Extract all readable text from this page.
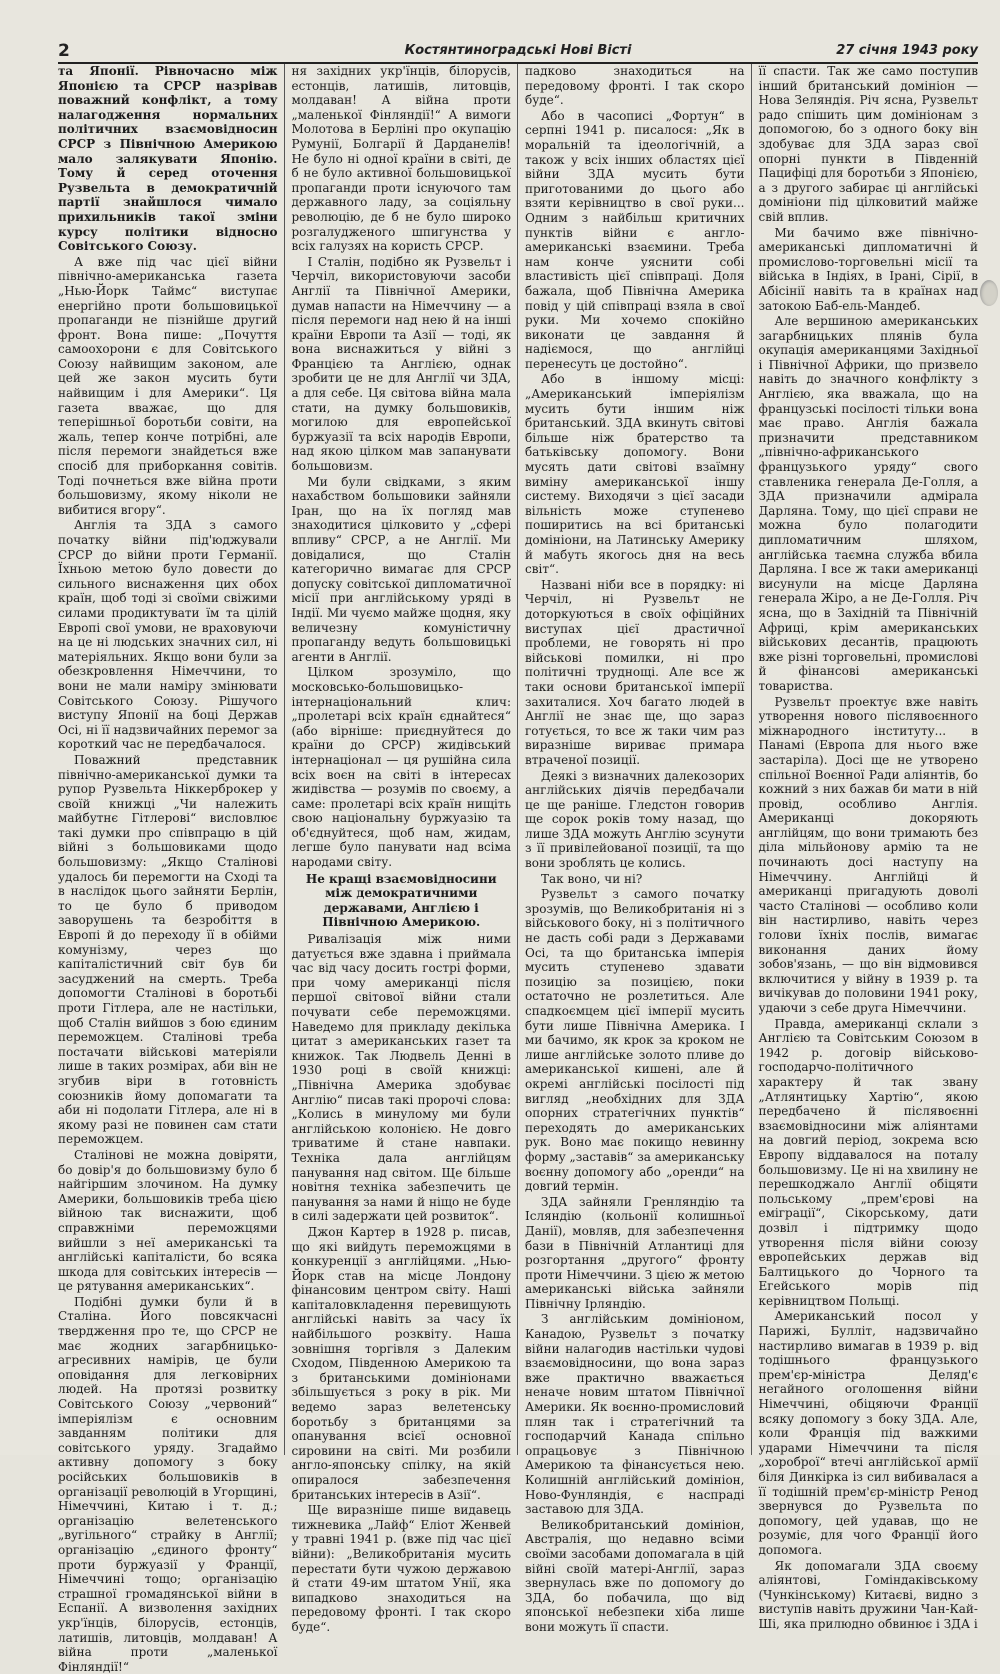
2	Костянтиноградські Нові Вісті	27 січня 1943 року

та Японії. Рівночасно між Японією та СРСР назрівав поважний конфлікт, а тому налагодження нормальних політичних взаємовідносин СРСР з Північною Америкою мало залякувати Японію. Тому й серед оточення Рузвельта в демократичній партії знайшлося чимало прихильників такої зміни курсу політики відносно Совітського Союзу.

А вже під час цієї війни північно-американська газета „Нью-Йорк Таймс“ виступає енергійно проти большовицької пропаганди не пізнійше другий фронт. Вона пише: „Почуття самоохорони є для Совітського Союзу найвищим законом, але цей же закон мусить бути найвищим і для Америки“. Ця газета вважає, що для теперішньої боротьби совіти, на жаль, тепер конче потрібні, але після перемоги знайдеться вже спосіб для приборкання совітів. Тоді почнеться вже війна проти большовизму, якому ніколи не вибитися вгору“.

Англія та ЗДА з самого початку війни під'юджували СРСР до війни проти Германії. Їхньою метою було довести до сильного виснаження цих обох країн, щоб тоді зі своїми свіжими силами продиктувати їм та цілій Европі свої умови, не враховуючи на це ні людських значних сил, ні матеріяльних. Якщо вони були за обезкровлення Німеччини, то вони не мали наміру змінювати Совітського Союзу. Рішучого виступу Японії на боці Держав Осі, ні її надзвичайних перемог за короткий час не передбачалося.

Поважний представник північно-американської думки та рупор Рузвельта Ніккерброкер у своїй книжці „Чи належить майбутнє Гітлерові“ висловлює такі думки про співпрацю в цій війні з большовиками щодо большовизму: „Якщо Сталінові удалось би перемогти на Сході та в наслідок цього зайняти Берлін, то це було б приводом заворушень та безробіття в Европі й до переходу її в обійми комунізму, через що капіталістичний світ був би засуджений на смерть. Треба допомогти Сталінові в боротьбі проти Гітлера, але не настільки, щоб Сталін вийшов з бою єдиним переможцем. Сталінові треба постачати військові матеріяли лише в таких розмірах, аби він не згубив віри в готовність союзників йому допомагати та аби ні подолати Гітлера, але ні в якому разі не повинен сам стати переможцем.

Сталінові не можна довіряти, бо довір'я до большовизму було б найгіршим злочином. На думку Америки, большовиків треба цією війною так виснажити, щоб справжніми переможцями вийшли з неї американські та англійські капіталісти, бо всяка шкода для совітських інтересів — це рятування американських“.

Подібні думки були й в Сталіна. Його повсякчасні твердження про те, що СРСР не має жодних загарбницько-агресивних намірів, це були оповідання для легковірних людей. На протязі розвитку Совітського Союзу „червоний“ імперіялізм є основним завданням політики для совітського уряду. Згадаймо активну допомогу з боку російських большовиків в організації революцій в Угорщині, Німеччині, Китаю і т. д.; організацію велетенського „вугільного“ страйку в Англії; організацію „єдиного фронту“ проти буржуазії у Франції, Німеччині тощо; організацію страшної громадянської війни в Еспанії. А визволення західних укр'їнців, білорусів, естонців, латишів, литовців, молдаван! А війна проти „маленької Фінляндії!“

ня західних укр'їнців, білорусів, естонців, латишів, литовців, молдаван! А війна проти „маленької Фінляндії!“ А вимоги Молотова в Берліні про окупацію Румунії, Болгарії й Дарданелів! Не було ні одної країни в світі, де б не було активної большовицької пропаганди проти існуючого там державного ладу, за соціяльну революцію, де б не було широко розгалудженого шпигунства у всіх галузях на користь СРСР.

І Сталін, подібно як Рузвельт і Черчіл, використовуючи засоби Англії та Північної Америки, думав напасти на Німеччину — а після перемоги над нею й на інші країни Европи та Азії — тоді, як вона виснажиться у війні з Францією та Англією, однак зробити це не для Англії чи ЗДА, а для себе. Ця світова війна мала стати, на думку большовиків, могилою для европейської буржуазії та всіх народів Европи, над якою цілком мав запанувати большовизм.

Ми були свідками, з яким нахабством большовики зайняли Іран, що на їх погляд мав знаходитися цілковито у „сфері впливу“ СРСР, а не Англії. Ми довідалися, що Сталін категорично вимагає для СРСР допуску совітської дипломатичної місії при англійському уряді в Індії. Ми чуємо майже щодня, яку величезну комуністичну пропаганду ведуть большовицькі агенти в Англії.

Цілком зрозуміло, що московсько-большовицько-інтернаціональний клич: „пролетарі всіх країн єднайтеся“ (або вірніше: приєднуйтеся до країни до СРСР) жидівський інтернаціонал — ця рушійна сила всіх воєн на світі в інтересах жидівства — розумів по своєму, а саме: пролетарі всіх країн нищіть свою національну буржуазію та об'єднуйтеся, щоб нам, жидам, легше було панувати над всіма народами світу.

Не кращі взаємовідносини між демократичними державами, Англією і Північною Америкою.

Ривалізація між ними датується вже здавна і приймала час від часу досить гострі форми, при чому американці після першої світової війни стали почувати себе переможцями. Наведемо для прикладу декілька цитат з американських газет та книжок. Так Людвель Деннi в 1930 році в своїй книжці: „Північна Америка здобуває Англію“ писав такі пророчі слова: „Колись в минулому ми були англійською колонією. Не довго триватиме й стане навпаки. Техніка дала англійцям панування над світом. Ще більше новітня техніка забезпечить це панування за нами й ніщо не буде в силі задержати цей розвиток“.

Джон Картер в 1928 р. писав, що які вийдуть переможцями в конкуренції з англійцями. „Нью-Йорк став на місце Лондону фінансовим центром світу. Наші капіталовкладення перевищують англійські навіть за часу їх найбільшого розквіту. Наша зовнішня торгівля з Далеким Сходом, Південною Америкою та з британськими домініонами збільшується з року в рік. Ми ведемо зараз велетенську боротьбу з британцями за опанування всієї основної сировини на світі. Ми розбили англо-японську спілку, на якій опиралося забезпечення британських інтересів в Азії“.

Ще виразніше пише видавець тижневика „Лайф“ Еліот Женвей у травні 1941 р. (вже під час цієї війни): „Великобританія мусить перестати бути чужою державою й стати 49-им штатом Унії, яка випадково знаходиться на передовому фронті. І так скоро буде“.

падково знаходиться на передовому фронті. І так скоро буде“.

Або в часописі „Фортун“ в серпні 1941 р. писалося: „Як в моральній та ідеологічній, а також у всіх інших областях цієї війни ЗДА мусить бути приготованими до цього або взяти керівництво в свої руки... Одним з найбільш критичних пунктів війни є англо-американські взаємини. Треба нам конче уяснити собі властивість цієї співпраці. Доля бажала, щоб Північна Америка повід у цій співпраці взяла в свої руки. Ми хочемо спокійно виконати це завдання й надіємося, що англійці перенесуть це достойно“.

Або в іншому місці: „Американський імперіялізм мусить бути іншим ніж британський. ЗДА вкинуть світові більше ніж братерство та батьківську допомогу. Вони мусять дати світові взаїмну виміну американської іншу систему. Виходячи з цієї засади вільність може ступенево поширитись на всі британські домініони, на Латинську Америку й мабуть якогось дня на весь світ“.

Названі ніби все в порядку: ні Черчіл, ні Рузвельт не доторкуються в своїх офіційних виступах цієї драстичної проблеми, не говорять ні про військові помилки, ні про політичні труднощі. Але все ж таки основи британської імперії захиталися. Хоч багато людей в Англії не знає ще, що зараз готується, то все ж таки чим раз виразніше вириває примара втраченої позиції.

Деякі з визначних далекозорих англійських діячів передбачали це ще раніше. Гледстон говорив ще сорок років тому назад, що лише ЗДА можуть Англію зсунути з її привілейованої позиції, та що вони зроблять це колись.

Так воно, чи ні?

Рузвельт з самого початку зрозумів, що Великобританія ні з військового боку, ні з політичного не дасть собі ради з Державами Осі, та що британська імперія мусить ступенево здавати позицію за позицією, поки остаточно не розлетиться. Але спадкоємцем цієї імперії мусить бути лише Північна Америка. І ми бачимо, як крок за кроком не лише англійське золото пливе до американської кишені, але й окремі англійські посілості під вигляд „необхідних для ЗДА опорних стратегічних пунктів“ переходять до американських рук. Воно має покищо невинну форму „заставів“ за американську воєнну допомогу або „оренди“ на довгий термін.

ЗДА зайняли Гренляндію та Ісляндію (кольонії колишньої Данії), мовляв, для забезпечення бази в Північній Атлантиці для розгортання „другого“ фронту проти Німеччини. З цією ж метою американські війська зайняли Північну Ірляндію.

З англійським домініоном, Канадою, Рузвельт з початку війни налагодив настільки чудові взаємовідносини, що вона зараз вже практично вважається неначе новим штатом Північної Америки. Як воєнно-промисловий плян так і стратегічний та господарчий Канада спільно опрацьовує з Північною Америкою та фінансується нею. Колишній англійський домініон, Ново-Фунляндія, є наспраді заставою для ЗДА.

Великобританський домініон, Австралія, що недавно всіми своїми засобами допомагала в цій війні своїй матері-Англії, зараз звернулась вже по допомогу до ЗДА, бо побачила, що від японської небезпеки хіба лише вони можуть її спасти.

її спасти. Так же само поступив інший британський домініон — Нова Зеляндія. Річ ясна, Рузвельт радо спішить цим домініонам з допомогою, бо з одного боку він здобуває для ЗДА зараз свої опорні пункти в Південній Пацифіці для боротьби з Японією, а з другого забирає ці англійські домініони під цілковитий майже свій вплив.

Ми бачимо вже північно-американські дипломатичні й промислово-торговельні місії та війська в Індіях, в Ірані, Сірії, в Абісінії навіть та в країнах над затокою Баб-ель-Мандеб.

Але вершиною американських загарбницьких плянів була окупація американцями Західньої і Північної Африки, що призвело навіть до значного конфлікту з Англією, яка вважала, що на французські посілості тільки вона має право. Англія бажала призначити представником „північно-африканського французького уряду“ свого ставленика генерала Де-Голля, а ЗДА призначили адмірала Дарляна. Тому, що цієї справи не можна було полагодити дипломатичним шляхом, англійська таємна служба вбила Дарляна. І все ж таки американці висунули на місце Дарляна генерала Жіро, а не Де-Голля. Річ ясна, що в Західній та Північній Африці, крім американських військових десантів, працюють вже різні торговельні, промислові й фінансові американські товариства.

Рузвельт проектує вже навіть утворення нового післявоєнного міжнародного інституту... в Панамі (Европа для нього вже застаріла). Досі ще не утворено спільної Воєнної Ради аліянтів, бо кожний з них бажав би мати в ній провід, особливо Англія. Американці докоряють англійцям, що вони тримають без діла мільйонову армію та не починають досі наступу на Німеччину. Англійці й американці пригадують доволі часто Сталінові — особливо коли він настирливо, навіть через голови їхніх послів, вимагає виконання даних йому зобов'язань, — що він відмовився включитися у війну в 1939 р. та вичікував до половини 1941 року, удаючи з себе друга Німеччини.

Правда, американці склали з Англією та Совітським Союзом в 1942 р. договір військово-господарчо-політичного характеру й так звану „Атлянтицьку Хартію“, якою передбачено й післявоєнні взаємовідносини між аліянтами на довгий період, зокрема всю Европу віддавалося на поталу большовизму. Це ні на хвилину не перешкоджало Англії обіцяти польському „прем'єрові на еміграції“, Сікорському, дати дозвіл і підтримку щодо утворення після війни союзу европейських держав від Балтицького до Чорного та Егейського морів під керівництвом Польщі.

Американський посол у Парижі, Булліт, надзвичайно настирливо вимагав в 1939 р. від тодішнього французького прем'єр-міністра Деляд'є негайного оголошення війни Німеччині, обіцяючи Франції всяку допомогу з боку ЗДА. Але, коли Франція під важкими ударами Німеччини та після „хороброї“ втечі англійської армії біля Динкірка із сил вибивалася а її тодішній прем'єр-міністр Ренод звернувся до Рузвельта по допомогу, цей удавав, що не розуміє, для чого Франції його допомога.

Як допомагали ЗДА своєму аліянтові, Гоміндаківському (Чункінському) Китаєві, видно з виступів навіть дружини Чан-Кай-Ші, яка прилюдно обвинює і ЗДА і
